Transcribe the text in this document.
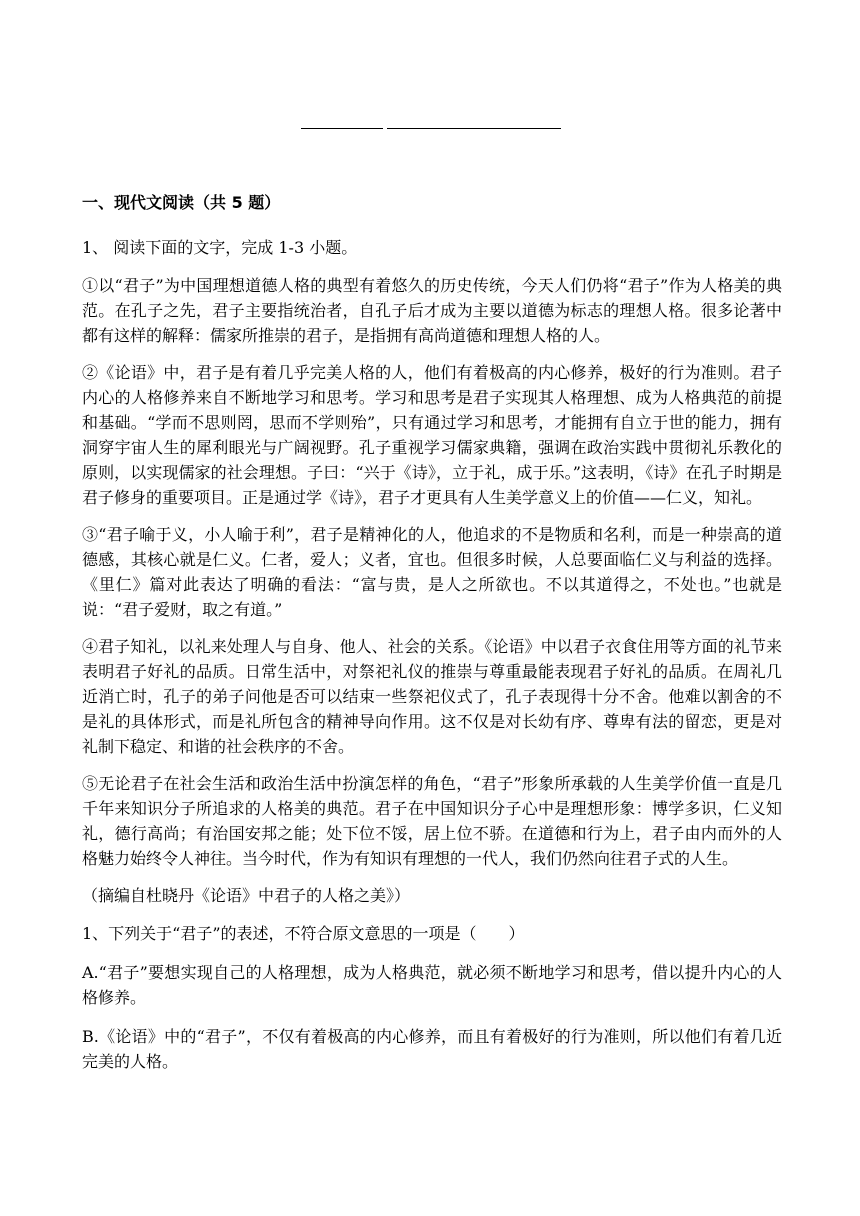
一、现代文阅读（共 5 题）

1、 阅读下面的文字，完成 1-3 小题。

①以“君子”为中国理想道德人格的典型有着悠久的历史传统，今天人们仍将“君子”作为人格美的典范。在孔子之先，君子主要指统治者，自孔子后才成为主要以道德为标志的理想人格。很多论著中都有这样的解释：儒家所推崇的君子，是指拥有高尚道德和理想人格的人。

②《论语》中，君子是有着几乎完美人格的人，他们有着极高的内心修养，极好的行为准则。君子内心的人格修养来自不断地学习和思考。学习和思考是君子实现其人格理想、成为人格典范的前提和基础。“学而不思则罔，思而不学则殆”，只有通过学习和思考，才能拥有自立于世的能力，拥有洞穿宇宙人生的犀利眼光与广阔视野。孔子重视学习儒家典籍，强调在政治实践中贯彻礼乐教化的原则，以实现儒家的社会理想。子曰：“兴于《诗》，立于礼，成于乐。”这表明，《诗》在孔子时期是君子修身的重要项目。正是通过学《诗》，君子才更具有人生美学意义上的价值——仁义，知礼。

③“君子喻于义，小人喻于利”，君子是精神化的人，他追求的不是物质和名利，而是一种崇高的道德感，其核心就是仁义。仁者，爱人；义者，宜也。但很多时候，人总要面临仁义与利益的选择。《里仁》篇对此表达了明确的看法：“富与贵，是人之所欲也。不以其道得之，不处也。”也就是说：“君子爱财，取之有道。”

④君子知礼，以礼来处理人与自身、他人、社会的关系。《论语》中以君子衣食住用等方面的礼节来表明君子好礼的品质。日常生活中，对祭祀礼仪的推崇与尊重最能表现君子好礼的品质。在周礼几近消亡时，孔子的弟子问他是否可以结束一些祭祀仪式了，孔子表现得十分不舍。他难以割舍的不是礼的具体形式，而是礼所包含的精神导向作用。这不仅是对长幼有序、尊卑有法的留恋，更是对礼制下稳定、和谐的社会秩序的不舍。

⑤无论君子在社会生活和政治生活中扮演怎样的角色，“君子”形象所承载的人生美学价值一直是几千年来知识分子所追求的人格美的典范。君子在中国知识分子心中是理想形象：博学多识，仁义知礼，德行高尚；有治国安邦之能；处下位不馁，居上位不骄。在道德和行为上，君子由内而外的人格魅力始终令人神往。当今时代，作为有知识有理想的一代人，我们仍然向往君子式的人生。

（摘编自杜晓丹《论语》中君子的人格之美》）

1、下列关于“君子”的表述，不符合原文意思的一项是（　　）

A.“君子”要想实现自己的人格理想，成为人格典范，就必须不断地学习和思考，借以提升内心的人格修养。

B.《论语》中的“君子”，不仅有着极高的内心修养，而且有着极好的行为准则，所以他们有着几近完美的人格。
